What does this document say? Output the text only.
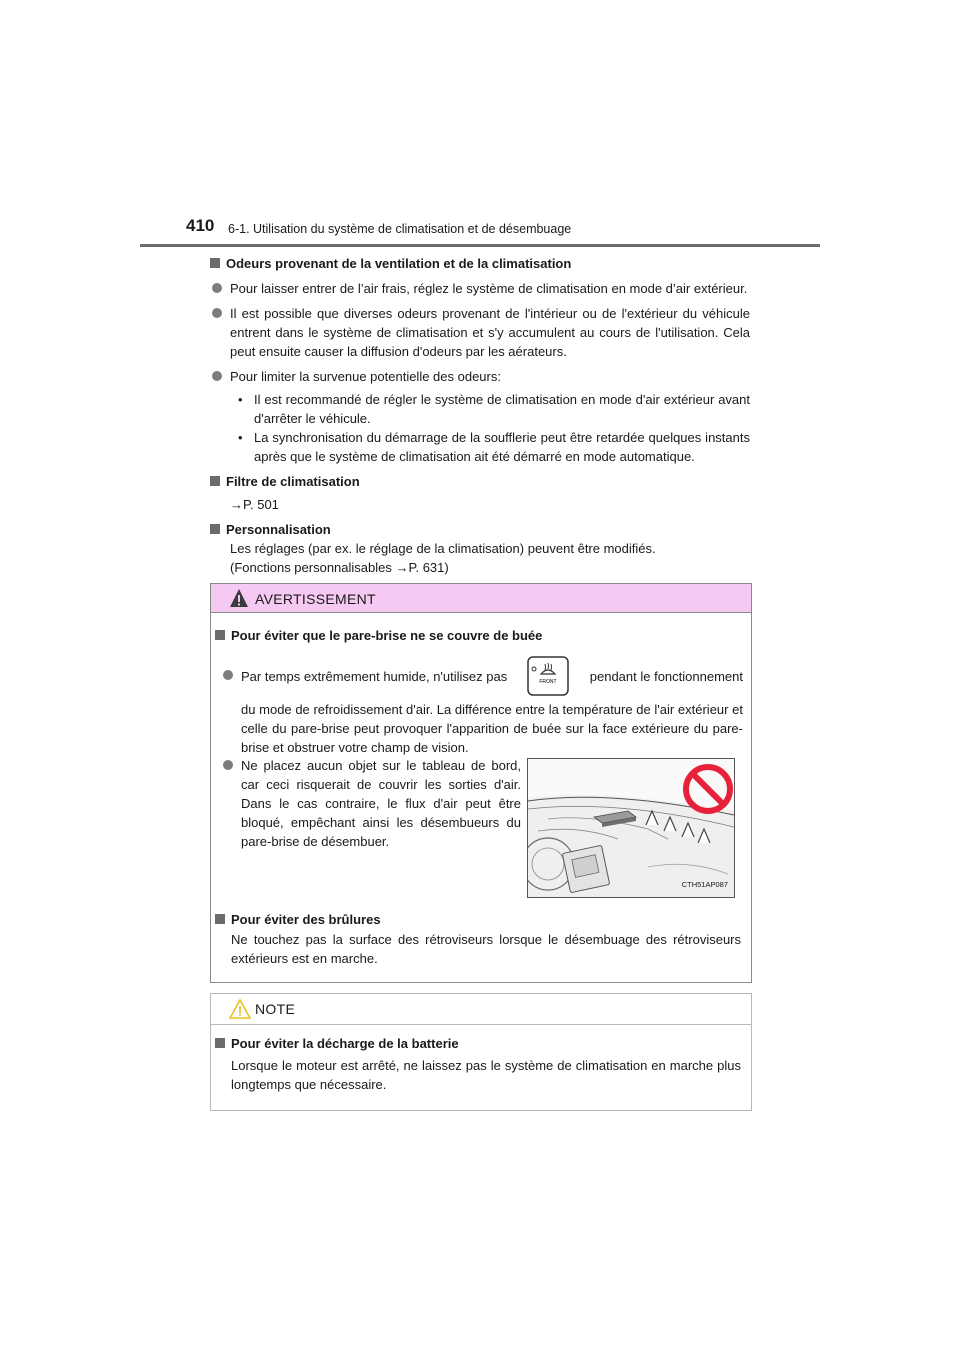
410 6-1. Utilisation du système de climatisation et de désembuage
Odeurs provenant de la ventilation et de la climatisation
Pour laisser entrer de l’air frais, réglez le système de climatisation en mode d’air extérieur.
Il est possible que diverses odeurs provenant de l'intérieur ou de l'extérieur du véhicule entrent dans le système de climatisation et s'y accumulent au cours de l'utilisation. Cela peut ensuite causer la diffusion d'odeurs par les aérateurs.
Pour limiter la survenue potentielle des odeurs:
• Il est recommandé de régler le système de climatisation en mode d'air extérieur avant d'arrêter le véhicule.
• La synchronisation du démarrage de la soufflerie peut être retardée quelques instants après que le système de climatisation ait été démarré en mode automatique.
Filtre de climatisation
→P. 501
Personnalisation
Les réglages (par ex. le réglage de la climatisation) peuvent être modifiés.
(Fonctions personnalisables →P. 631)
AVERTISSEMENT
Pour éviter que le pare-brise ne se couvre de buée
Par temps extrêmement humide, n'utilisez pas	FRONT	pendant le fonctionnement
du mode de refroidissement d'air. La différence entre la température de l'air extérieur et celle du pare-brise peut provoquer l'apparition de buée sur la face extérieure du pare-brise et obstruer votre champ de vision.
Ne placez aucun objet sur le tableau de bord, car ceci risquerait de couvrir les sorties d'air. Dans le cas contraire, le flux d'air peut être bloqué, empêchant ainsi les désembueurs du pare-brise de désembuer.
CTH51AP087
Pour éviter des brûlures
Ne touchez pas la surface des rétroviseurs lorsque le désembuage des rétroviseurs extérieurs est en marche.
NOTE
Pour éviter la décharge de la batterie
Lorsque le moteur est arrêté, ne laissez pas le système de climatisation en marche plus longtemps que nécessaire.
